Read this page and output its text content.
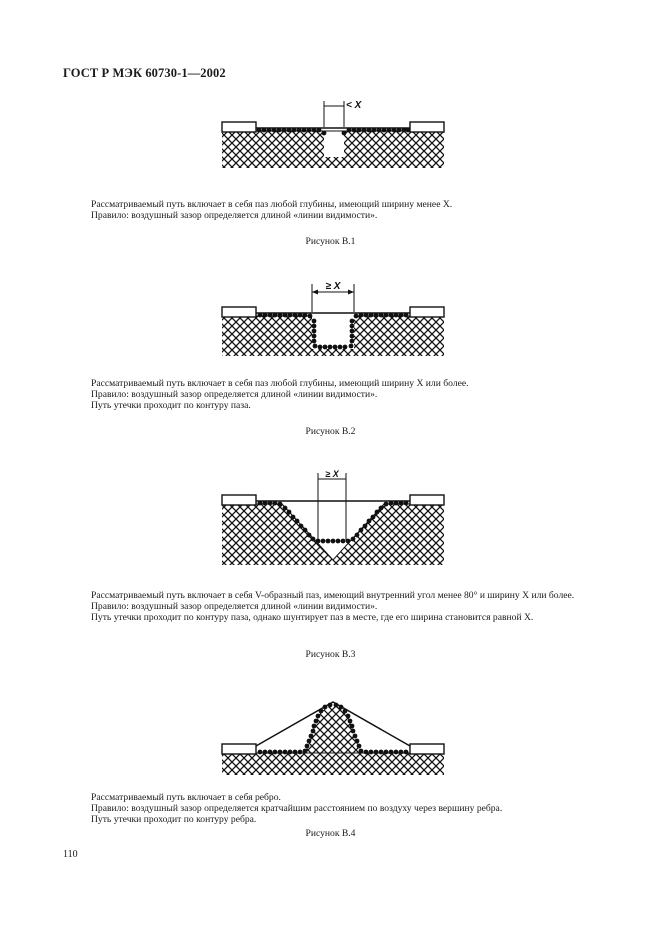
ГОСТ Р МЭК 60730-1—2002
< X

Рассматриваемый путь включает в себя паз любой глубины, имеющий ширину менее X.

Правило: воздушный зазор определяется длиной «линии видимости».

Рисунок В.1
≥ X

Рассматриваемый путь включает в себя паз любой глубины, имеющий ширину X или более.

Правило: воздушный зазор определяется длиной «линии видимости».

Путь утечки проходит по контуру паза.

Рисунок В.2
≥ X

Рассматриваемый путь включает в себя V-образный паз, имеющий внутренний угол менее 80° и ширину X или более.

Правило: воздушный зазор определяется длиной «линии видимости».

Путь утечки проходит по контуру паза, однако шунтирует паз в месте, где его ширина становится равной X.

Рисунок В.3

Рассматриваемый путь включает в себя ребро.

Правило: воздушный зазор определяется кратчайшим расстоянием по воздуху через вершину ребра.

Путь утечки проходит по контуру ребра.

Рисунок В.4
110
